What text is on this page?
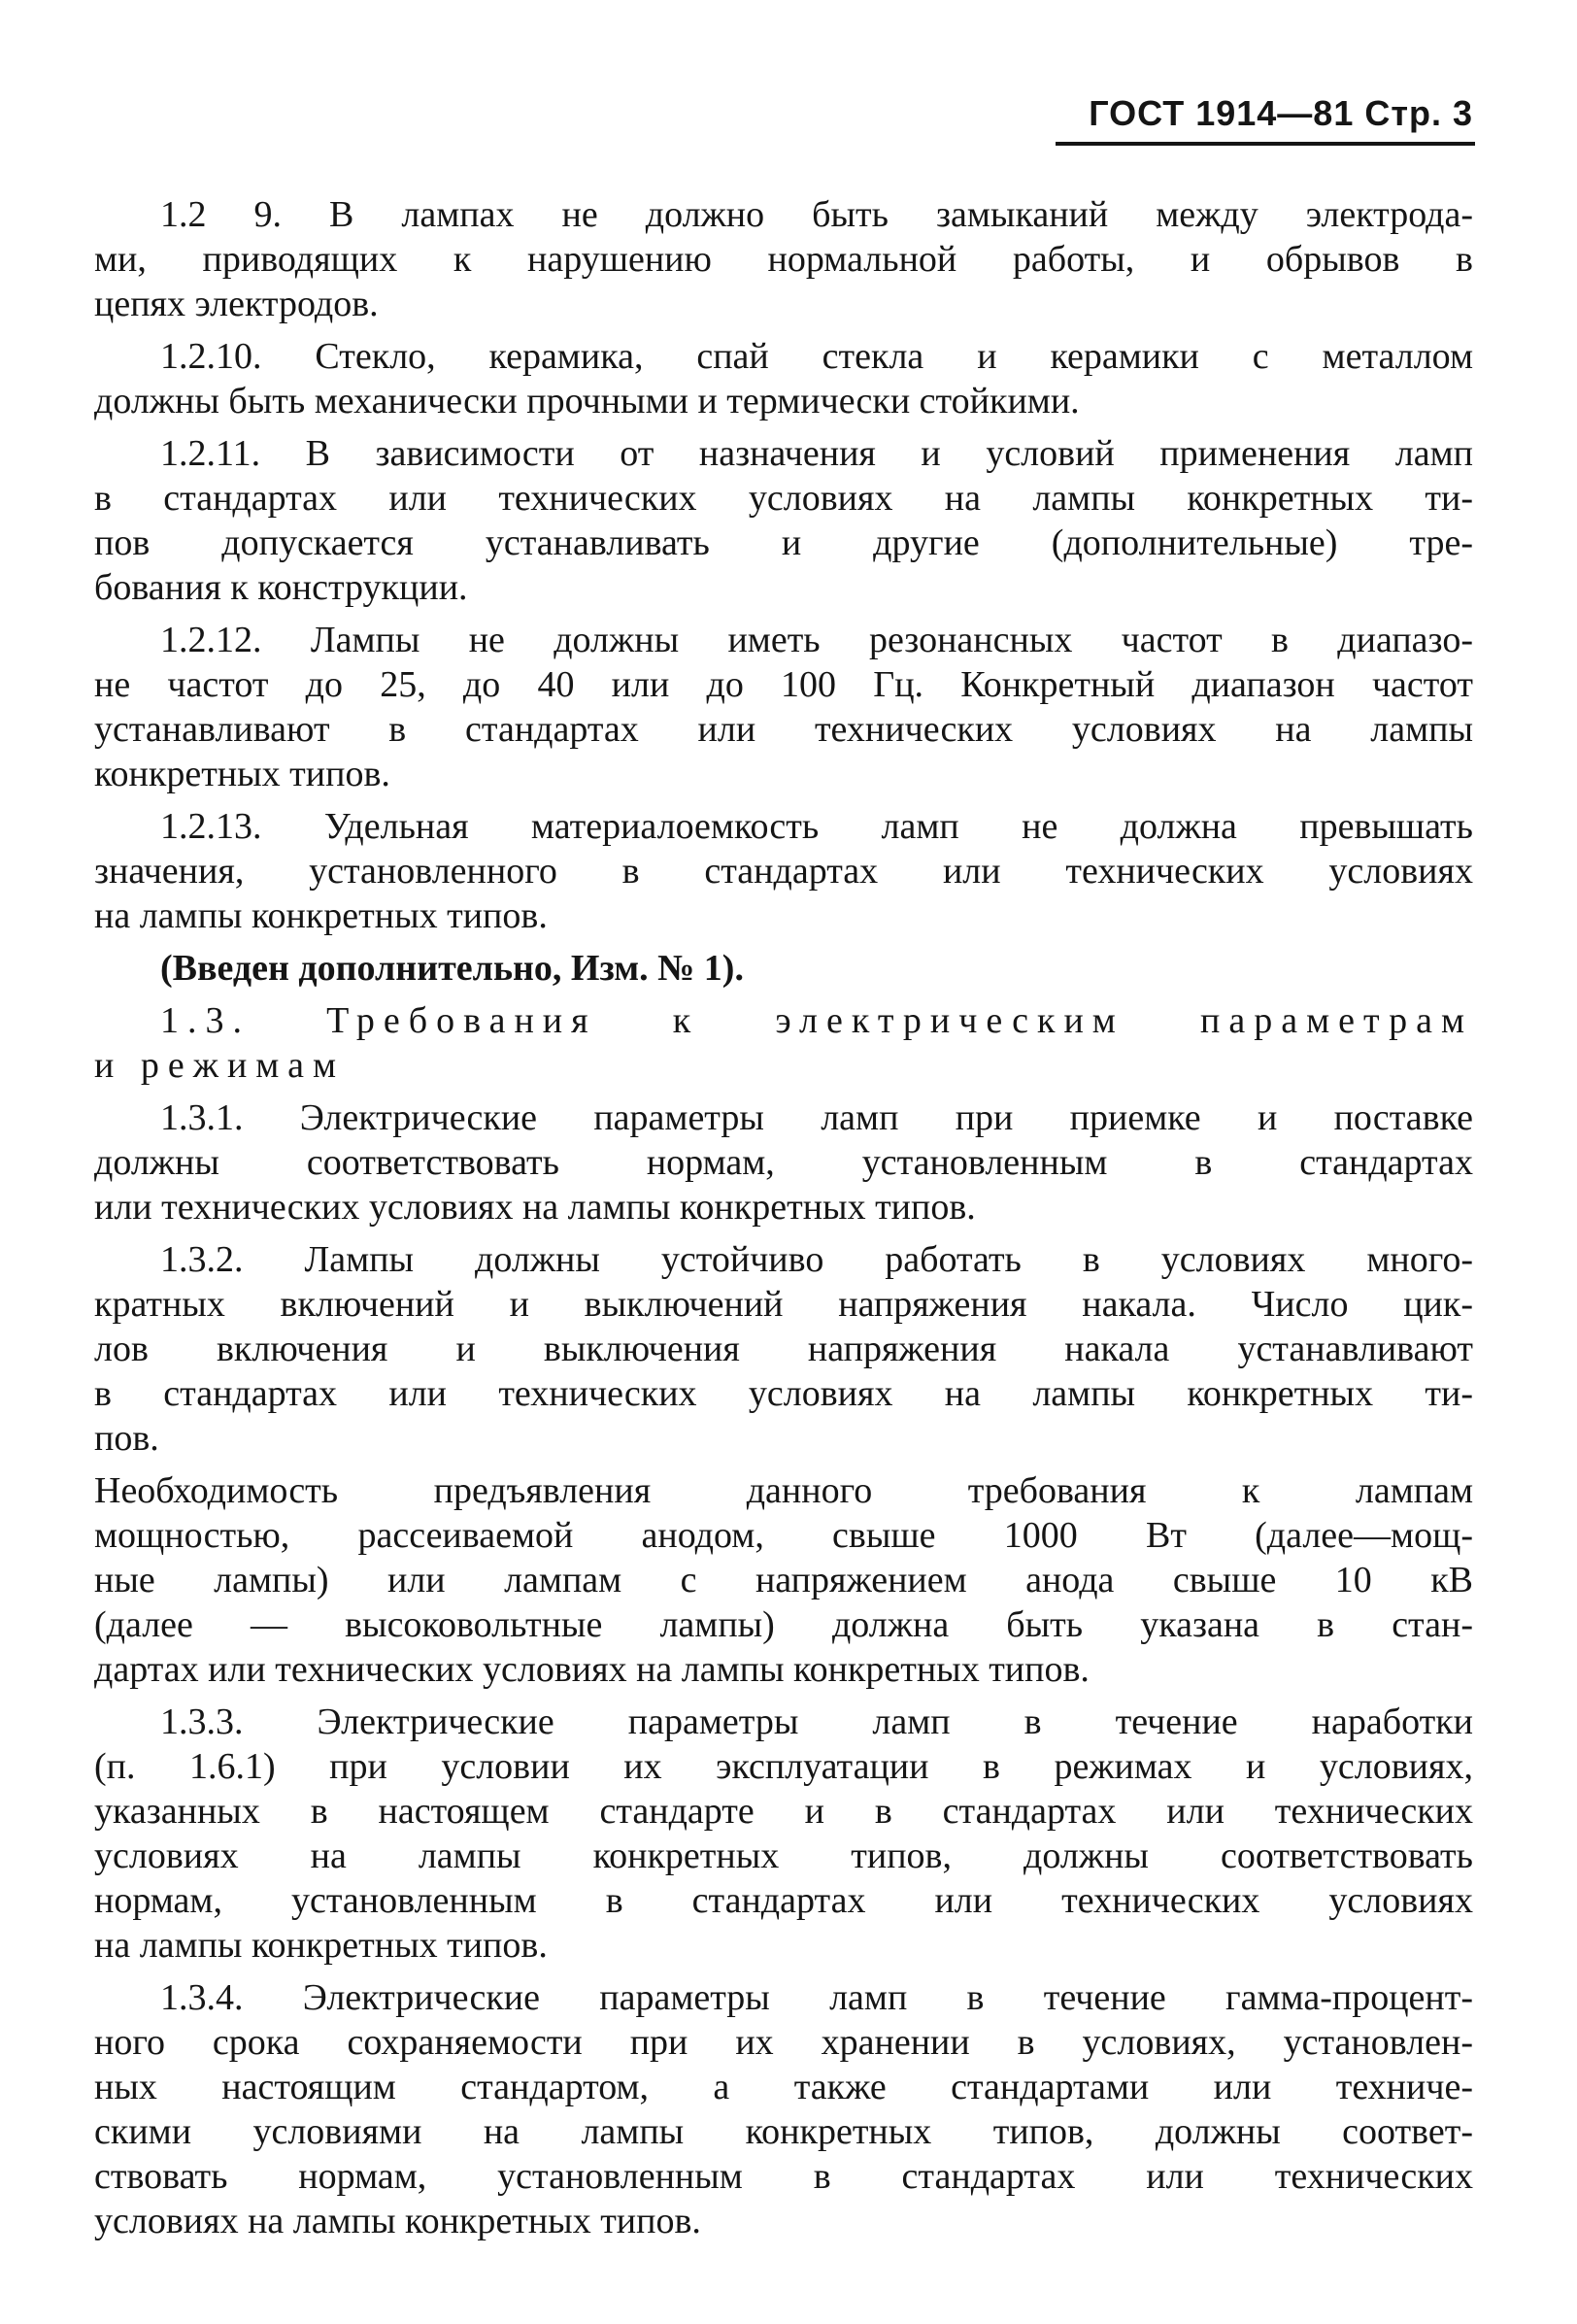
ГОСТ 1914—81 Стр. 3
1.2 9. В лампах не должно быть замыканий между электрода-
ми, приводящих к нарушению нормальной работы, и обрывов в
цепях электродов.
1.2.10. Стекло, керамика, спай стекла и керамики с металлом
должны быть механически прочными и термически стойкими.
1.2.11. В зависимости от назначения и условий применения ламп
в стандартах или технических условиях на лампы конкретных ти-
пов допускается устанавливать и другие (дополнительные) тре-
бования к конструкции.
1.2.12. Лампы не должны иметь резонансных частот в диапазо-
не частот до 25, до 40 или до 100 Гц. Конкретный диапазон частот
устанавливают в стандартах или технических условиях на лампы
конкретных типов.
1.2.13. Удельная материалоемкость ламп не должна превышать
значения, установленного в стандартах или технических условиях
на лампы конкретных типов.
(Введен дополнительно, Изм. № 1).
1.3. Требования к электрическим параметрам
и режимам
1.3.1. Электрические параметры ламп при приемке и поставке
должны соответствовать нормам, установленным в стандартах
или технических условиях на лампы конкретных типов.
1.3.2. Лампы должны устойчиво работать в условиях много-
кратных включений и выключений напряжения накала. Число цик-
лов включения и выключения напряжения накала устанавливают
в стандартах или технических условиях на лампы конкретных ти-
пов.
Необходимость предъявления данного требования к лампам
мощностью, рассеиваемой анодом, свыше 1000 Вт (далее—мощ-
ные лампы) или лампам с напряжением анода свыше 10 кВ
(далее — высоковольтные лампы) должна быть указана в стан-
дартах или технических условиях на лампы конкретных типов.
1.3.3. Электрические параметры ламп в течение наработки
(п. 1.6.1) при условии их эксплуатации в режимах и условиях,
указанных в настоящем стандарте и в стандартах или технических
условиях на лампы конкретных типов, должны соответствовать
нормам, установленным в стандартах или технических условиях
на лампы конкретных типов.
1.3.4. Электрические параметры ламп в течение гамма-процент-
ного срока сохраняемости при их хранении в условиях, установлен-
ных настоящим стандартом, а также стандартами или техниче-
скими условиями на лампы конкретных типов, должны соответ-
ствовать нормам, установленным в стандартах или технических
условиях на лампы конкретных типов.
